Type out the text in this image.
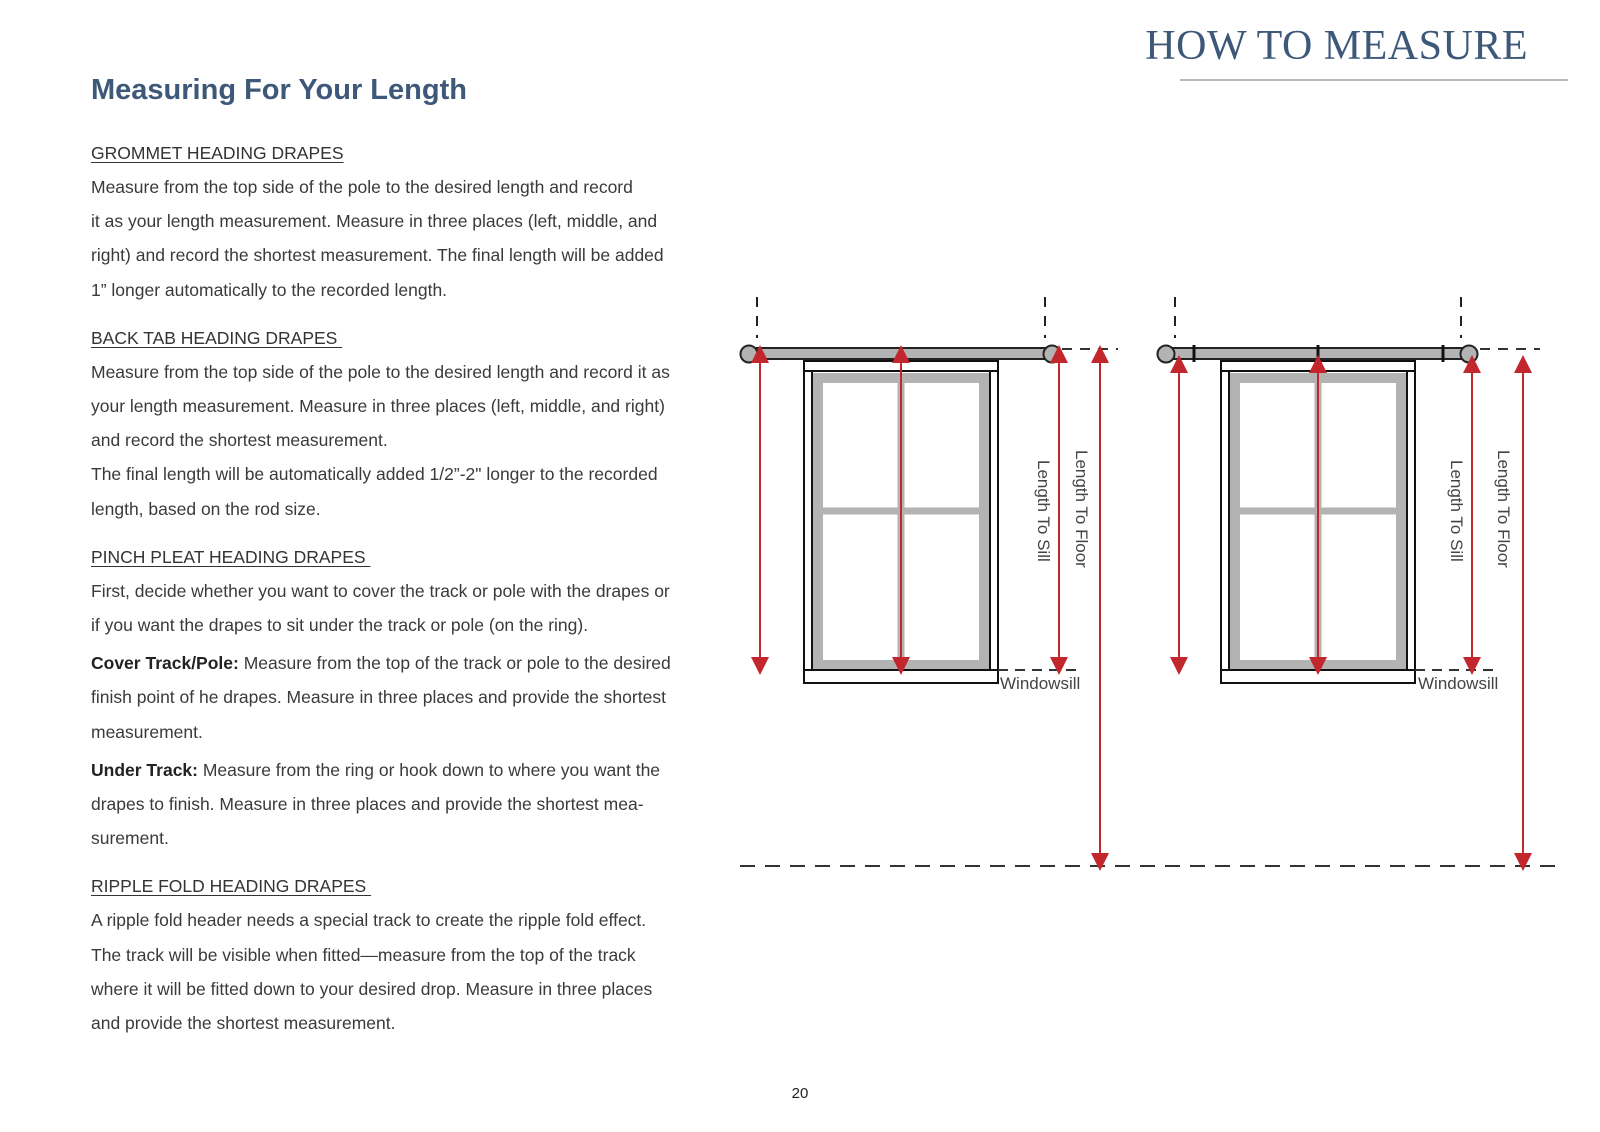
HOW TO MEASURE
Measuring For Your Length
GROMMET HEADING DRAPES

Measure from the top side of the pole to the desired length and record

it as your length measurement. Measure in three places (left, middle, and

right) and record the shortest measurement. The final length will be added

1” longer automatically to the recorded length.

BACK TAB HEADING DRAPES

Measure from the top side of the pole to the desired length and record it as

your length measurement. Measure in three places (left, middle, and right)

and record the shortest measurement.

The final length will be automatically added 1/2”-2" longer to the recorded

length, based on the rod size.

PINCH PLEAT HEADING DRAPES

First, decide whether you want to cover the track or pole with the drapes or

if you want the drapes to sit under the track or pole (on the ring).

Cover Track/Pole: Measure from the top of the track or pole to the desired

finish point of he drapes. Measure in three places and provide the shortest

measurement.

Under Track: Measure from the ring or hook down to where you want the

drapes to finish. Measure in three places and provide the shortest mea-

surement.

RIPPLE FOLD HEADING DRAPES

A ripple fold header needs a special track to create the ripple fold effect.

The track will be visible when fitted—measure from the top of the track

where it will be fitted down to your desired drop. Measure in three places

and provide the shortest measurement.

Length To Sill Length To Floor
Windowsill
Length To Sill Length To Floor
Windowsill
20
